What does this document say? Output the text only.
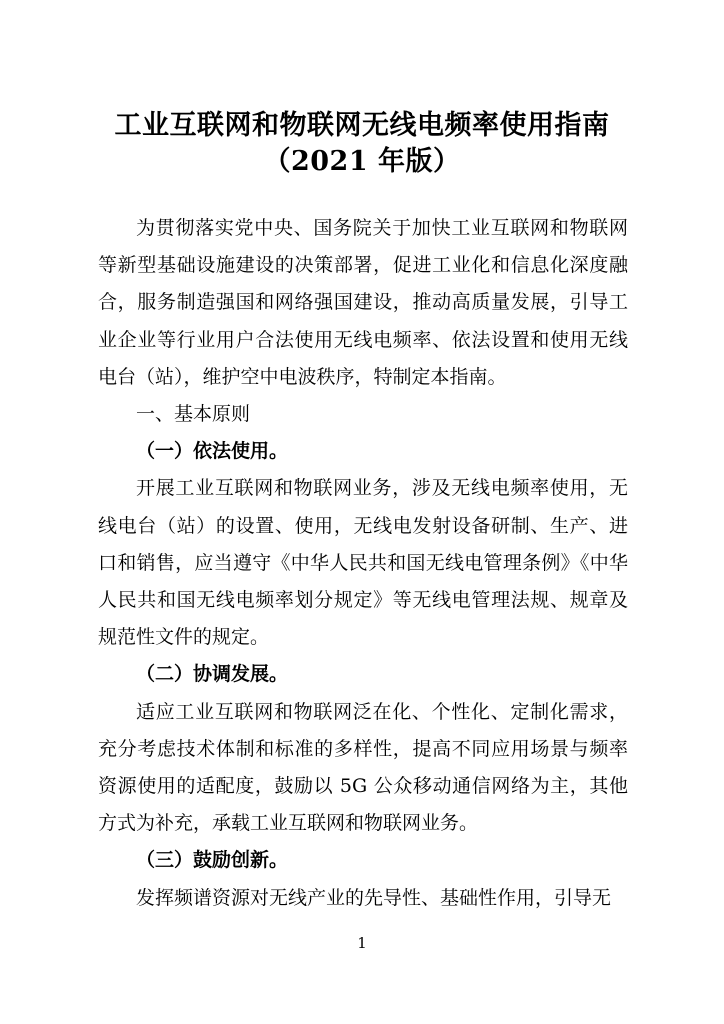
工业互联网和物联网无线电频率使用指南
（2021 年版）

为贯彻落实党中央、国务院关于加快工业互联网和物联网等新型基础设施建设的决策部署，促进工业化和信息化深度融合，服务制造强国和网络强国建设，推动高质量发展，引导工业企业等行业用户合法使用无线电频率、依法设置和使用无线电台（站），维护空中电波秩序，特制定本指南。

一、基本原则

（一）依法使用。

开展工业互联网和物联网业务，涉及无线电频率使用，无线电台（站）的设置、使用，无线电发射设备研制、生产、进口和销售，应当遵守《中华人民共和国无线电管理条例》《中华人民共和国无线电频率划分规定》等无线电管理法规、规章及规范性文件的规定。

（二）协调发展。

适应工业互联网和物联网泛在化、个性化、定制化需求，充分考虑技术体制和标准的多样性，提高不同应用场景与频率资源使用的适配度，鼓励以 5G 公众移动通信网络为主，其他方式为补充，承载工业互联网和物联网业务。

（三）鼓励创新。

发挥频谱资源对无线产业的先导性、基础性作用，引导无

1
